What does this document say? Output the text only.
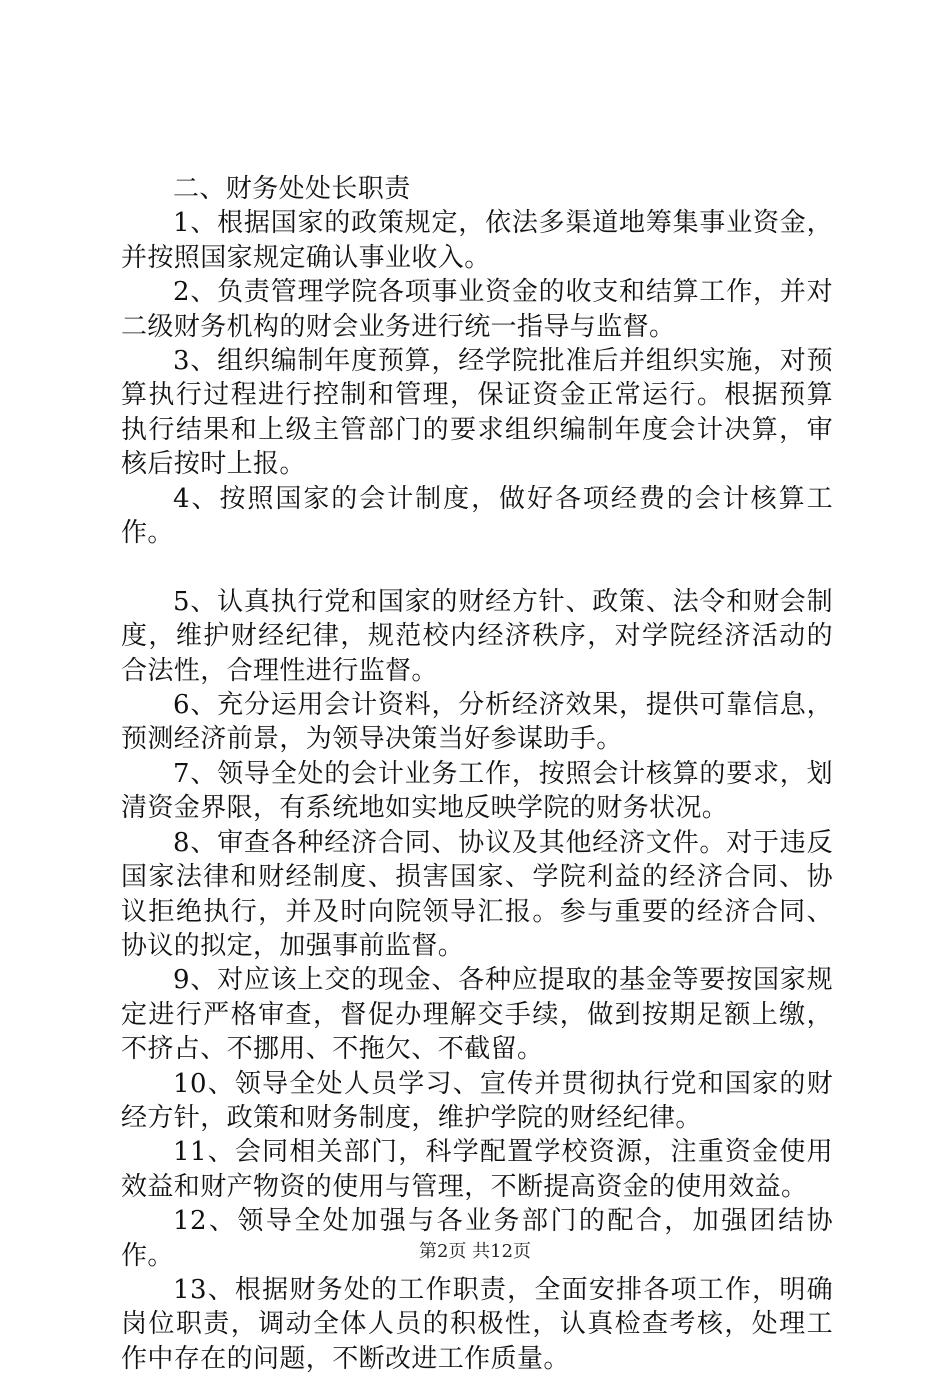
二、财务处处长职责

1、根据国家的政策规定，依法多渠道地筹集事业资金，并按照国家规定确认事业收入。

2、负责管理学院各项事业资金的收支和结算工作，并对二级财务机构的财会业务进行统一指导与监督。

3、组织编制年度预算，经学院批准后并组织实施，对预算执行过程进行控制和管理，保证资金正常运行。根据预算执行结果和上级主管部门的要求组织编制年度会计决算，审核后按时上报。

4、按照国家的会计制度，做好各项经费的会计核算工作。

5、认真执行党和国家的财经方针、政策、法令和财会制度，维护财经纪律，规范校内经济秩序，对学院经济活动的合法性，合理性进行监督。

6、充分运用会计资料，分析经济效果，提供可靠信息，预测经济前景，为领导决策当好参谋助手。

7、领导全处的会计业务工作，按照会计核算的要求，划清资金界限，有系统地如实地反映学院的财务状况。

8、审查各种经济合同、协议及其他经济文件。对于违反国家法律和财经制度、损害国家、学院利益的经济合同、协议拒绝执行，并及时向院领导汇报。参与重要的经济合同、协议的拟定，加强事前监督。

9、对应该上交的现金、各种应提取的基金等要按国家规定进行严格审查，督促办理解交手续，做到按期足额上缴，不挤占、不挪用、不拖欠、不截留。

10、领导全处人员学习、宣传并贯彻执行党和国家的财经方针，政策和财务制度，维护学院的财经纪律。

11、会同相关部门，科学配置学校资源，注重资金使用效益和财产物资的使用与管理，不断提高资金的使用效益。

12、领导全处加强与各业务部门的配合，加强团结协作。

13、根据财务处的工作职责，全面安排各项工作，明确岗位职责，调动全体人员的积极性，认真检查考核，处理工作中存在的问题，不断改进工作质量。

第2页 共12页
